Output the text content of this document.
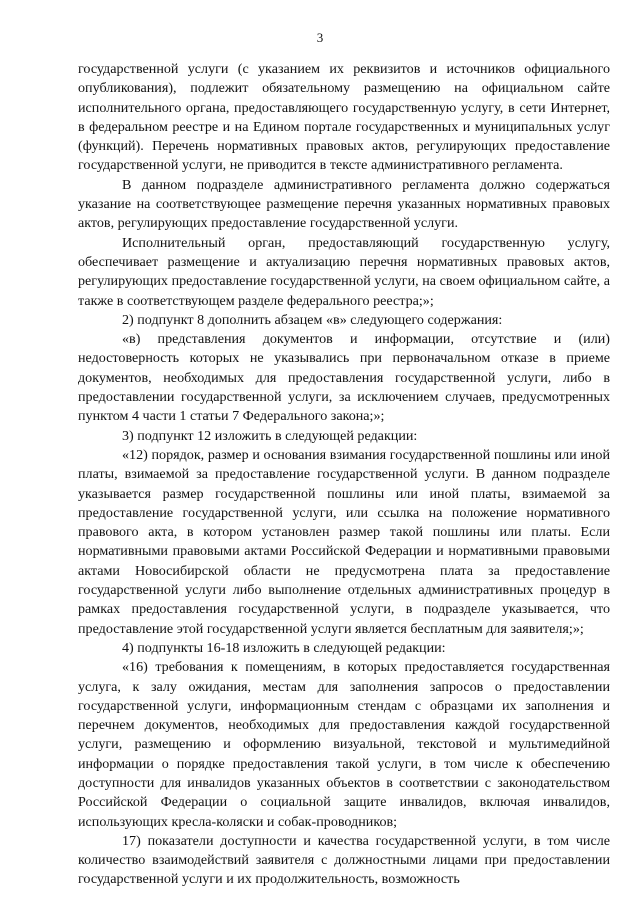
3

государственной услуги (с указанием их реквизитов и источников официального опубликования), подлежит обязательному размещению на официальном сайте исполнительного органа, предоставляющего государственную услугу, в сети Интернет, в федеральном реестре и на Едином портале государственных и муниципальных услуг (функций). Перечень нормативных правовых актов, регулирующих предоставление государственной услуги, не приводится в тексте административного регламента.

В данном подразделе административного регламента должно содержаться указание на соответствующее размещение перечня указанных нормативных правовых актов, регулирующих предоставление государственной услуги.

Исполнительный орган, предоставляющий государственную услугу, обеспечивает размещение и актуализацию перечня нормативных правовых актов, регулирующих предоставление государственной услуги, на своем официальном сайте, а также в соответствующем разделе федерального реестра;»;

2) подпункт 8 дополнить абзацем «в» следующего содержания:

«в) представления документов и информации, отсутствие и (или) недостоверность которых не указывались при первоначальном отказе в приеме документов, необходимых для предоставления государственной услуги, либо в предоставлении государственной услуги, за исключением случаев, предусмотренных пунктом 4 части 1 статьи 7 Федерального закона;»;

3) подпункт 12 изложить в следующей редакции:

«12) порядок, размер и основания взимания государственной пошлины или иной платы, взимаемой за предоставление государственной услуги. В данном подразделе указывается размер государственной пошлины или иной платы, взимаемой за предоставление государственной услуги, или ссылка на положение нормативного правового акта, в котором установлен размер такой пошлины или платы. Если нормативными правовыми актами Российской Федерации и нормативными правовыми актами Новосибирской области не предусмотрена плата за предоставление государственной услуги либо выполнение отдельных административных процедур в рамках предоставления государственной услуги, в подразделе указывается, что предоставление этой государственной услуги является бесплатным для заявителя;»;

4) подпункты 16-18 изложить в следующей редакции:

«16) требования к помещениям, в которых предоставляется государственная услуга, к залу ожидания, местам для заполнения запросов о предоставлении государственной услуги, информационным стендам с образцами их заполнения и перечнем документов, необходимых для предоставления каждой государственной услуги, размещению и оформлению визуальной, текстовой и мультимедийной информации о порядке предоставления такой услуги, в том числе к обеспечению доступности для инвалидов указанных объектов в соответствии с законодательством Российской Федерации о социальной защите инвалидов, включая инвалидов, использующих кресла-коляски и собак-проводников;

17) показатели доступности и качества государственной услуги, в том числе количество взаимодействий заявителя с должностными лицами при предоставлении государственной услуги и их продолжительность, возможность
